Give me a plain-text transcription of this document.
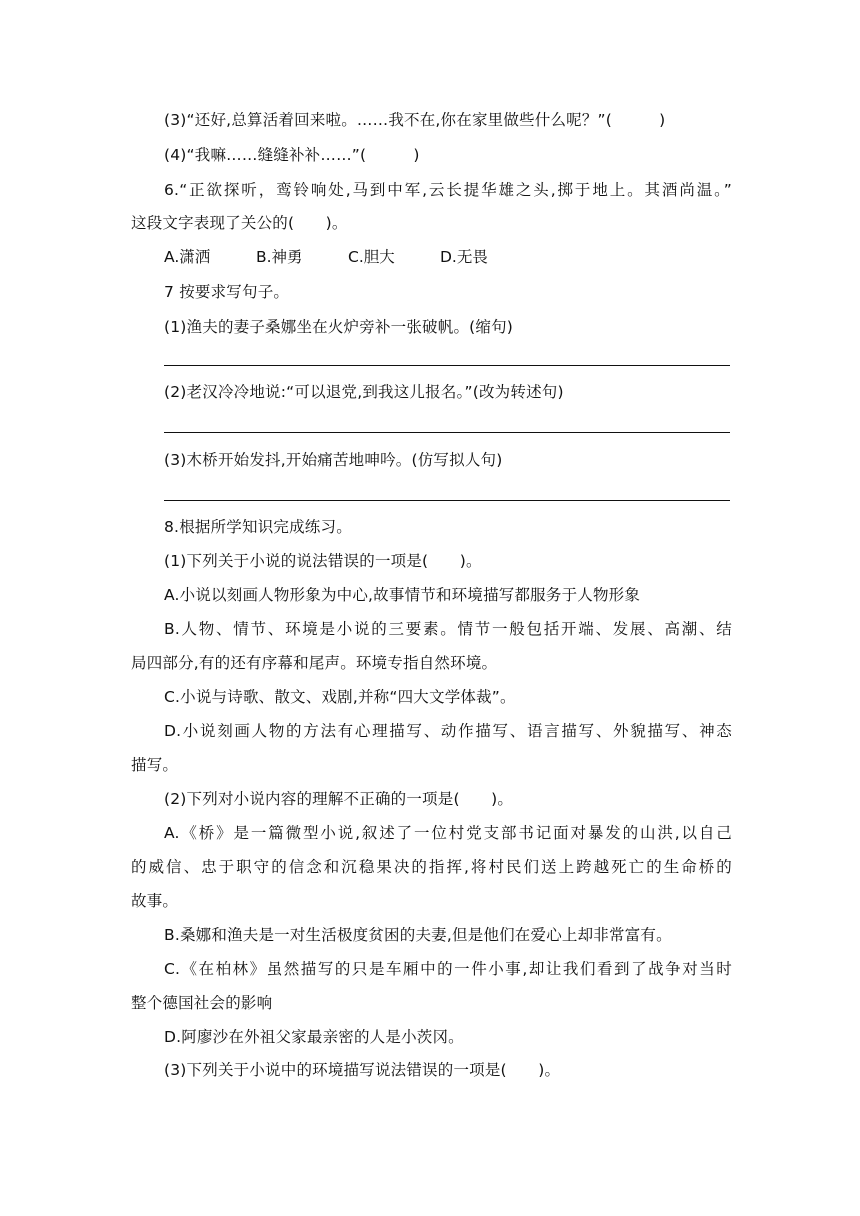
(3)“还好,总算活着回来啦。……我不在,你在家里做些什么呢？”(　　　)
(4)“我嘛……缝缝补补……”(　　　)
6.“正欲探听，鸾铃响处,马到中军,云长提华雄之头,掷于地上。其酒尚温。”
这段文字表现了关公的(　　)。
A.潇洒	B.神勇	C.胆大	D.无畏
7 按要求写句子。
(1)渔夫的妻子桑娜坐在火炉旁补一张破帆。(缩句)
(2)老汉冷冷地说:“可以退党,到我这儿报名。”(改为转述句)
(3)木桥开始发抖,开始痛苦地呻吟。(仿写拟人句)
8.根据所学知识完成练习。
(1)下列关于小说的说法错误的一项是(　　)。
A.小说以刻画人物形象为中心,故事情节和环境描写都服务于人物形象
B.人物、情节、环境是小说的三要素。情节一般包括开端、发展、高潮、结
局四部分,有的还有序幕和尾声。环境专指自然环境。
C.小说与诗歌、散文、戏剧,并称“四大文学体裁”。
D.小说刻画人物的方法有心理描写、动作描写、语言描写、外貌描写、神态
描写。
(2)下列对小说内容的理解不正确的一项是(　　)。
A.《桥》是一篇微型小说,叙述了一位村党支部书记面对暴发的山洪,以自己
的威信、忠于职守的信念和沉稳果决的指挥,将村民们送上跨越死亡的生命桥的
故事。
B.桑娜和渔夫是一对生活极度贫困的夫妻,但是他们在爱心上却非常富有。
C.《在柏林》虽然描写的只是车厢中的一件小事,却让我们看到了战争对当时
整个德国社会的影响
D.阿廖沙在外祖父家最亲密的人是小茨冈。
(3)下列关于小说中的环境描写说法错误的一项是(　　)。
